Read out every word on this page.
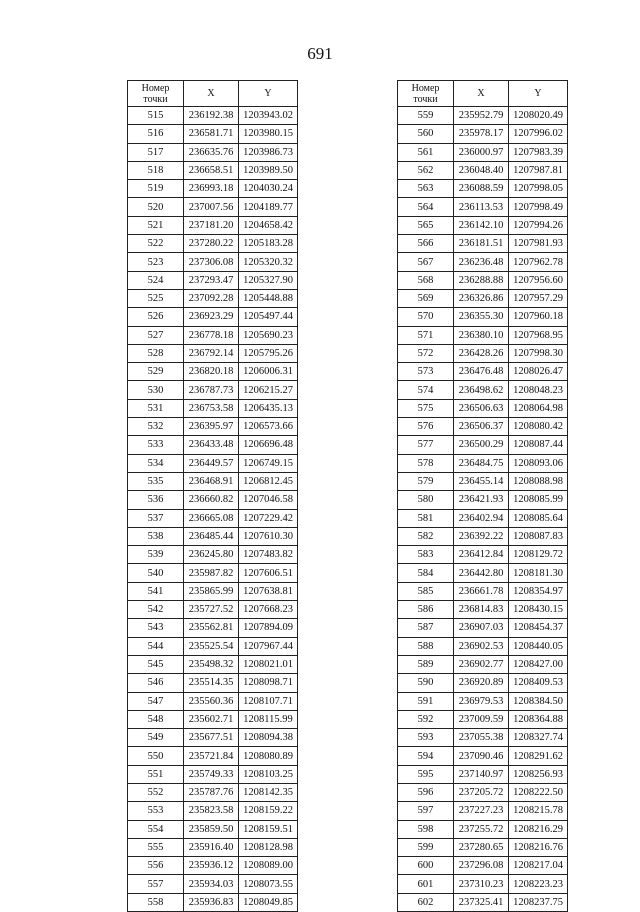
691
Номер
точки	X	Y
515	236192.38	1203943.02
516	236581.71	1203980.15
517	236635.76	1203986.73
518	236658.51	1203989.50
519	236993.18	1204030.24
520	237007.56	1204189.77
521	237181.20	1204658.42
522	237280.22	1205183.28
523	237306.08	1205320.32
524	237293.47	1205327.90
525	237092.28	1205448.88
526	236923.29	1205497.44
527	236778.18	1205690.23
528	236792.14	1205795.26
529	236820.18	1206006.31
530	236787.73	1206215.27
531	236753.58	1206435.13
532	236395.97	1206573.66
533	236433.48	1206696.48
534	236449.57	1206749.15
535	236468.91	1206812.45
536	236660.82	1207046.58
537	236665.08	1207229.42
538	236485.44	1207610.30
539	236245.80	1207483.82
540	235987.82	1207606.51
541	235865.99	1207638.81
542	235727.52	1207668.23
543	235562.81	1207894.09
544	235525.54	1207967.44
545	235498.32	1208021.01
546	235514.35	1208098.71
547	235560.36	1208107.71
548	235602.71	1208115.99
549	235677.51	1208094.38
550	235721.84	1208080.89
551	235749.33	1208103.25
552	235787.76	1208142.35
553	235823.58	1208159.22
554	235859.50	1208159.51
555	235916.40	1208128.98
556	235936.12	1208089.00
557	235934.03	1208073.55
558	235936.83	1208049.85
Номер
точки	X	Y
559	235952.79	1208020.49
560	235978.17	1207996.02
561	236000.97	1207983.39
562	236048.40	1207987.81
563	236088.59	1207998.05
564	236113.53	1207998.49
565	236142.10	1207994.26
566	236181.51	1207981.93
567	236236.48	1207962.78
568	236288.88	1207956.60
569	236326.86	1207957.29
570	236355.30	1207960.18
571	236380.10	1207968.95
572	236428.26	1207998.30
573	236476.48	1208026.47
574	236498.62	1208048.23
575	236506.63	1208064.98
576	236506.37	1208080.42
577	236500.29	1208087.44
578	236484.75	1208093.06
579	236455.14	1208088.98
580	236421.93	1208085.99
581	236402.94	1208085.64
582	236392.22	1208087.83
583	236412.84	1208129.72
584	236442.80	1208181.30
585	236661.78	1208354.97
586	236814.83	1208430.15
587	236907.03	1208454.37
588	236902.53	1208440.05
589	236902.77	1208427.00
590	236920.89	1208409.53
591	236979.53	1208384.50
592	237009.59	1208364.88
593	237055.38	1208327.74
594	237090.46	1208291.62
595	237140.97	1208256.93
596	237205.72	1208222.50
597	237227.23	1208215.78
598	237255.72	1208216.29
599	237280.65	1208216.76
600	237296.08	1208217.04
601	237310.23	1208223.23
602	237325.41	1208237.75
